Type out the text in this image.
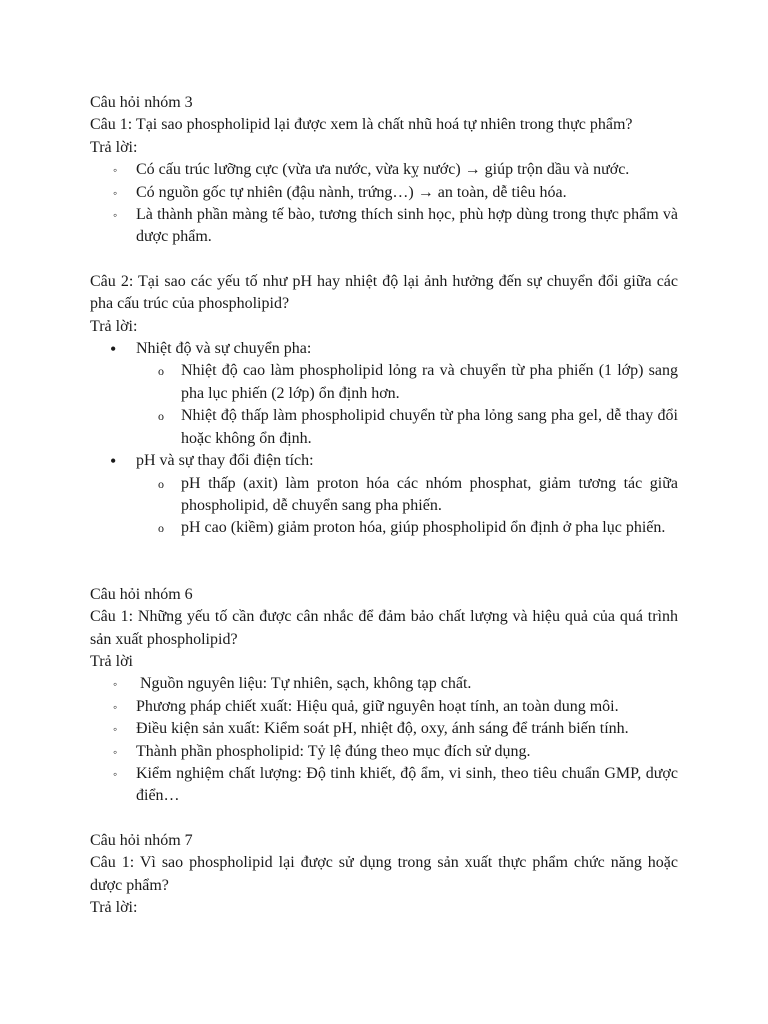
Câu hỏi nhóm 3
Câu 1: Tại sao phospholipid lại được xem là chất nhũ hoá tự nhiên trong thực phẩm?
Trả lời:
◦ Có cấu trúc lưỡng cực (vừa ưa nước, vừa kỵ nước) → giúp trộn dầu và nước.
◦ Có nguồn gốc tự nhiên (đậu nành, trứng…) → an toàn, dễ tiêu hóa.
◦ Là thành phần màng tế bào, tương thích sinh học, phù hợp dùng trong thực phẩm và dược phẩm.
Câu 2: Tại sao các yếu tố như pH hay nhiệt độ lại ảnh hưởng đến sự chuyển đổi giữa các pha cấu trúc của phospholipid?
Trả lời:
• Nhiệt độ và sự chuyển pha:
o Nhiệt độ cao làm phospholipid lỏng ra và chuyển từ pha phiến (1 lớp) sang pha lục phiến (2 lớp) ổn định hơn.
o Nhiệt độ thấp làm phospholipid chuyển từ pha lỏng sang pha gel, dễ thay đổi hoặc không ổn định.
• pH và sự thay đổi điện tích:
o pH thấp (axit) làm proton hóa các nhóm phosphat, giảm tương tác giữa phospholipid, dễ chuyển sang pha phiến.
o pH cao (kiềm) giảm proton hóa, giúp phospholipid ổn định ở pha lục phiến.
Câu hỏi nhóm 6
Câu 1: Những yếu tố cần được cân nhắc để đảm bảo chất lượng và hiệu quả của quá trình sản xuất phospholipid?
Trả lời
◦ Nguồn nguyên liệu: Tự nhiên, sạch, không tạp chất.
◦ Phương pháp chiết xuất: Hiệu quả, giữ nguyên hoạt tính, an toàn dung môi.
◦ Điều kiện sản xuất: Kiểm soát pH, nhiệt độ, oxy, ánh sáng để tránh biến tính.
◦ Thành phần phospholipid: Tỷ lệ đúng theo mục đích sử dụng.
◦ Kiểm nghiệm chất lượng: Độ tinh khiết, độ ẩm, vi sinh, theo tiêu chuẩn GMP, dược điển…
Câu hỏi nhóm 7
Câu 1: Vì sao phospholipid lại được sử dụng trong sản xuất thực phẩm chức năng hoặc dược phẩm?
Trả lời:
